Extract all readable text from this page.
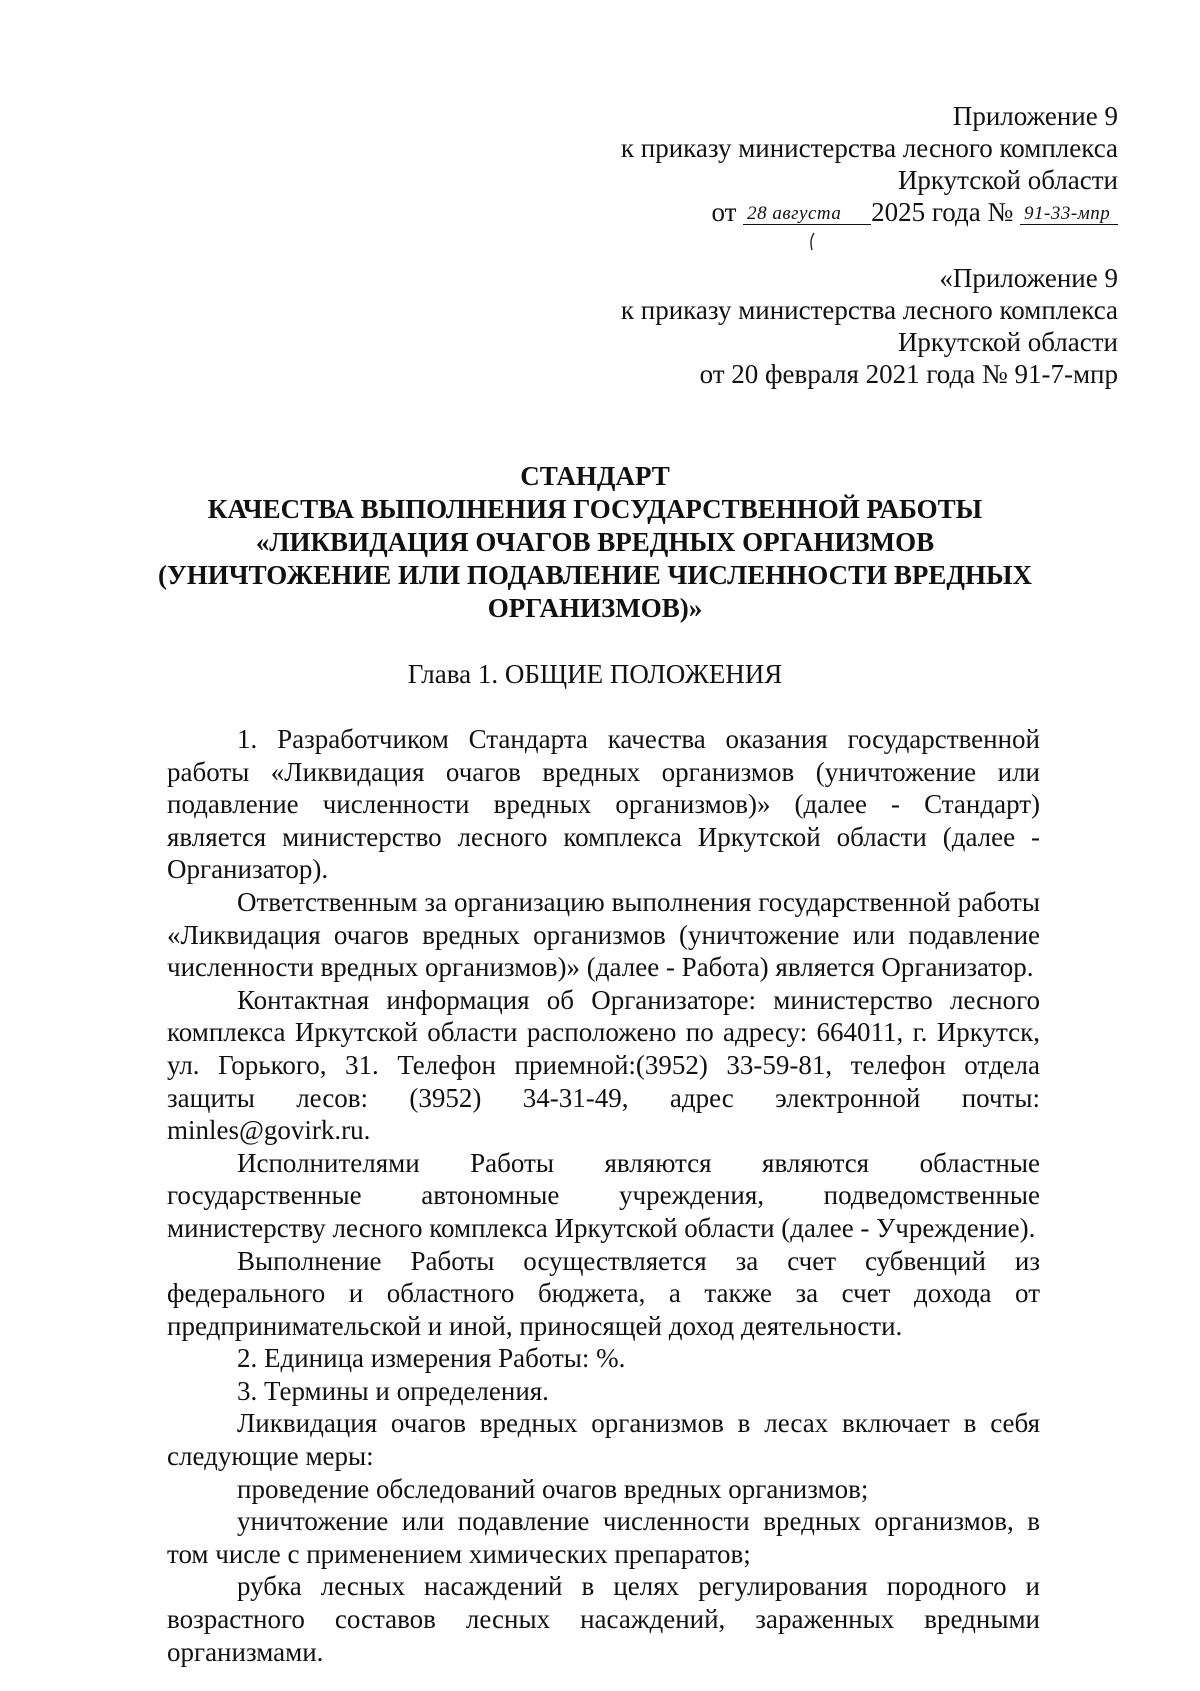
Приложение 9
к приказу министерства лесного комплекса
Иркутской области
от 28 августа 2025 года № 91-33-мпр
«Приложение 9
к приказу министерства лесного комплекса
Иркутской области
от 20 февраля 2021 года № 91-7-мпр
СТАНДАРТ
КАЧЕСТВА ВЫПОЛНЕНИЯ ГОСУДАРСТВЕННОЙ РАБОТЫ
«ЛИКВИДАЦИЯ ОЧАГОВ ВРЕДНЫХ ОРГАНИЗМОВ
(УНИЧТОЖЕНИЕ ИЛИ ПОДАВЛЕНИЕ ЧИСЛЕННОСТИ ВРЕДНЫХ
ОРГАНИЗМОВ)»
Глава 1. ОБЩИЕ ПОЛОЖЕНИЯ

1. Разработчиком Стандарта качества оказания государственной работы «Ликвидация очагов вредных организмов (уничтожение или подавление численности вредных организмов)» (далее - Стандарт) является министерство лесного комплекса Иркутской области (далее - Организатор).

Ответственным за организацию выполнения государственной работы «Ликвидация очагов вредных организмов (уничтожение или подавление численности вредных организмов)» (далее - Работа) является Организатор.

Контактная информация об Организаторе: министерство лесного комплекса Иркутской области расположено по адресу: 664011, г. Иркутск, ул. Горького, 31. Телефон приемной:(3952) 33-59-81, телефон отдела защиты лесов: (3952) 34-31-49, адрес электронной почты: minles@govirk.ru.

Исполнителями Работы являются являются областные государственные автономные учреждения, подведомственные министерству лесного комплекса Иркутской области (далее - Учреждение).

Выполнение Работы осуществляется за счет субвенций из федерального и областного бюджета, а также за счет дохода от предпринимательской и иной, приносящей доход деятельности.

2. Единица измерения Работы: %.

3. Термины и определения.

Ликвидация очагов вредных организмов в лесах включает в себя следующие меры:

проведение обследований очагов вредных организмов;

уничтожение или подавление численности вредных организмов, в том числе с применением химических препаратов;

рубка лесных насаждений в целях регулирования породного и возрастного составов лесных насаждений, зараженных вредными организмами.
